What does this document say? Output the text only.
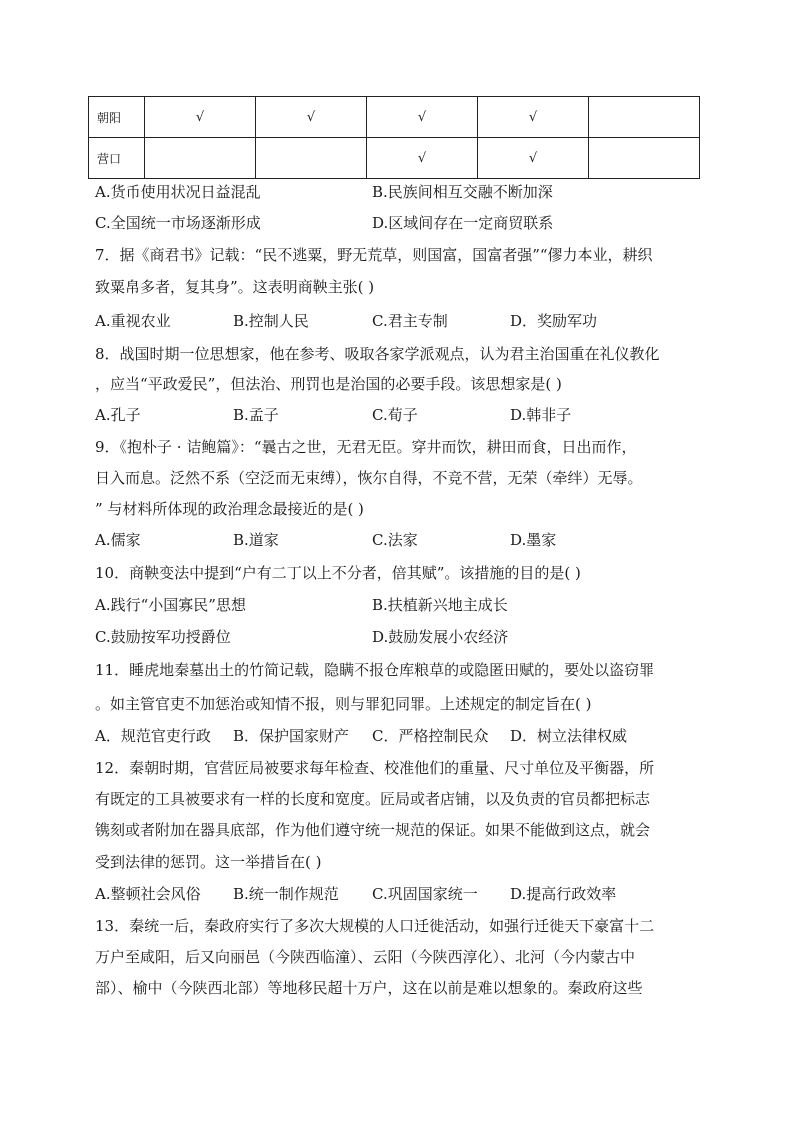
朝阳	√	√	√	√	
营口			√	√	
A.货币使用状况日益混乱	B.民族间相互交融不断加深
C.全国统一市场逐渐形成	D.区域间存在一定商贸联系
7．据《商君书》记载：“民不逃粟，野无荒草，则国富，国富者强”“僇力本业，耕织
致粟帛多者，复其身”。这表明商鞅主张( )
A.重视农业	B.控制人民	C.君主专制	D．奖励军功
8．战国时期一位思想家，他在参考、吸取各家学派观点，认为君主治国重在礼仪教化
，应当“平政爱民”，但法治、刑罚也是治国的必要手段。该思想家是( )
A.孔子	B.孟子	C.荀子	D.韩非子
9．《抱朴子 · 诘鲍篇》：“曩古之世，无君无臣。穿井而饮，耕田而食，日出而作，
日入而息。泛然不系（空泛而无束缚），恢尔自得，不竞不营，无荣（牵绊）无辱。
” 与材料所体现的政治理念最接近的是( )
A.儒家	B.道家	C.法家	D.墨家
10．商鞅变法中提到“户有二丁以上不分者，倍其赋”。该措施的目的是( )
A.践行“小国寡民”思想	B.扶植新兴地主成长
C.鼓励按军功授爵位	D.鼓励发展小农经济
11．睡虎地秦墓出土的竹简记载，隐瞒不报仓库粮草的或隐匿田赋的，要处以盗窃罪
。如主管官吏不加惩治或知情不报，则与罪犯同罪。上述规定的制定旨在( )
A．规范官吏行政 B．保护国家财产 C．严格控制民众 D．树立法律权威
12．秦朝时期，官营匠局被要求每年检查、校准他们的重量、尺寸单位及平衡器，所
有既定的工具被要求有一样的长度和宽度。匠局或者店铺，以及负责的官员都把标志
镌刻或者附加在器具底部，作为他们遵守统一规范的保证。如果不能做到这点，就会
受到法律的惩罚。这一举措旨在( )
A.整顿社会风俗 B.统一制作规范 C.巩固国家统一 D.提高行政效率
13．秦统一后，秦政府实行了多次大规模的人口迁徙活动，如强行迁徙天下豪富十二
万户至咸阳，后又向丽邑（今陕西临潼）、云阳（今陕西淳化）、北河（今内蒙古中
部）、榆中（今陕西北部）等地移民超十万户，这在以前是难以想象的。秦政府这些
